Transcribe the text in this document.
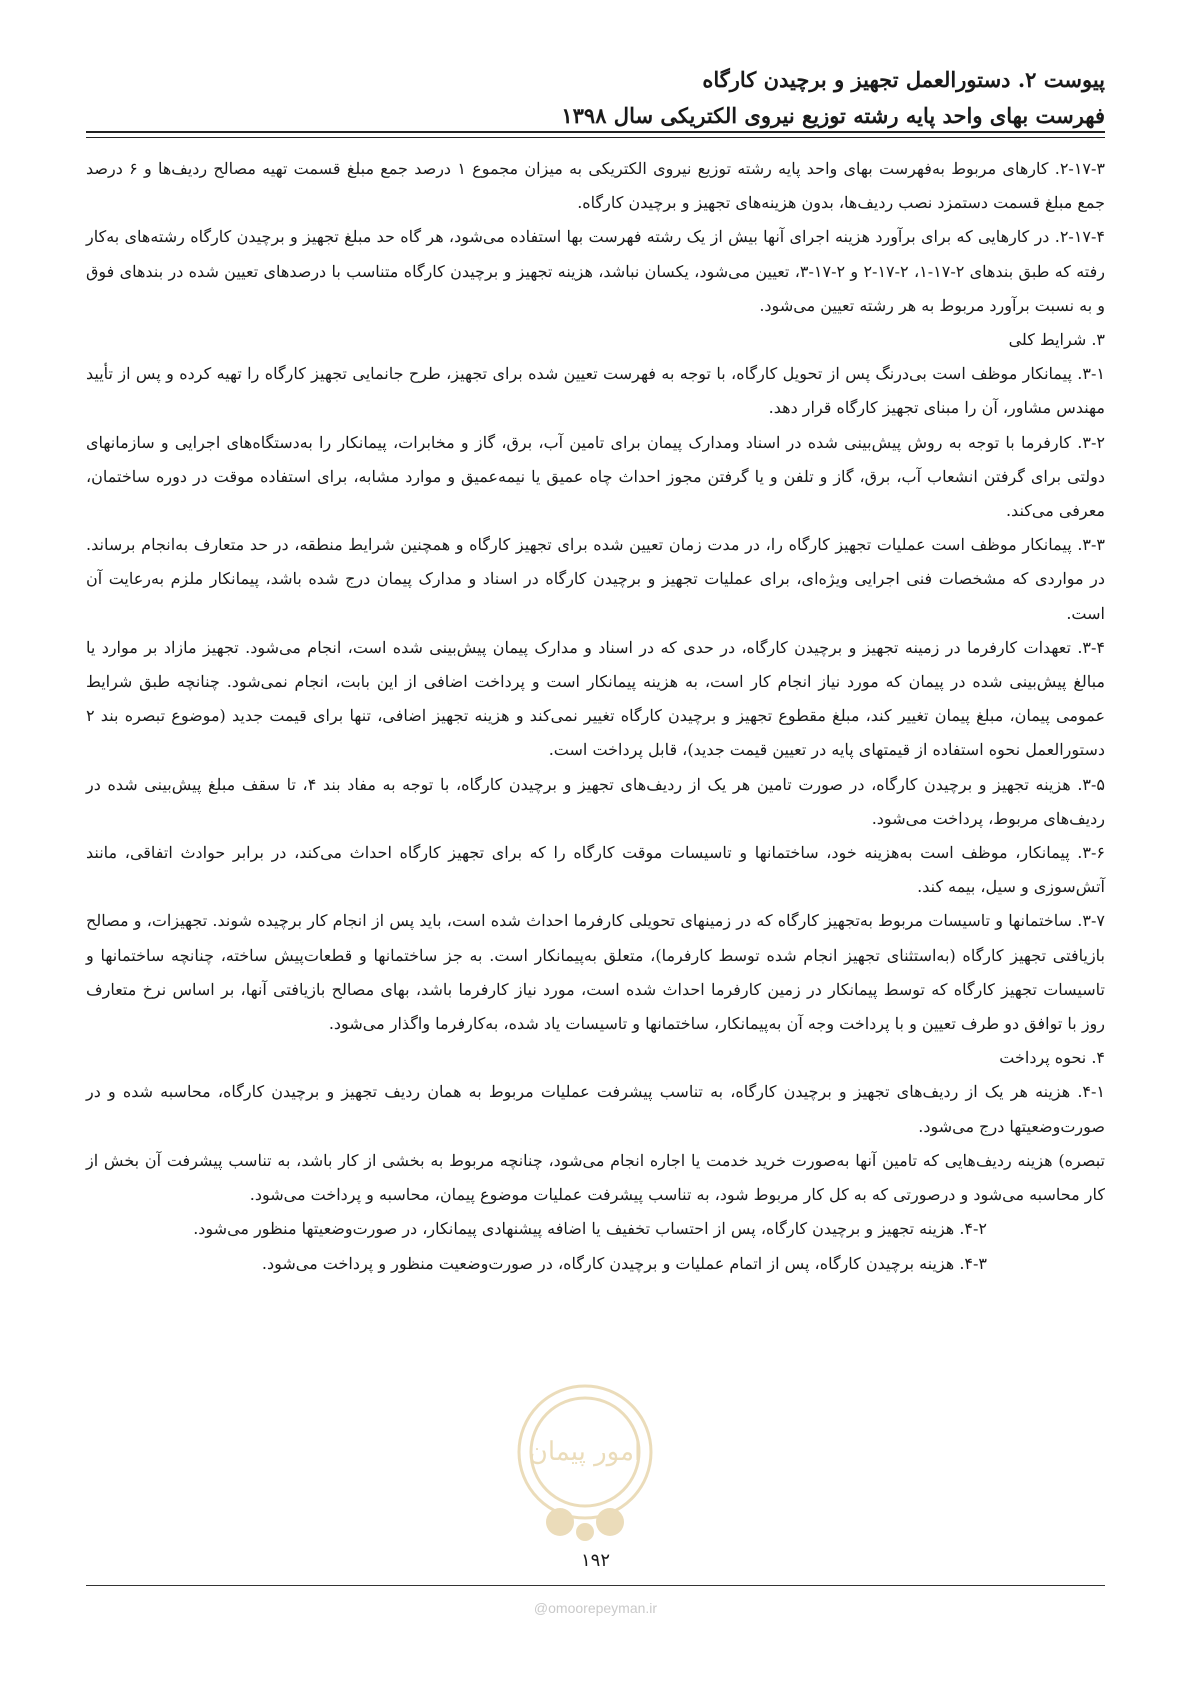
پیوست ۲. دستورالعمل تجهیز و برچیدن کارگاه
فهرست بهای واحد پایه رشته توزیع نیروی الکتریکی سال ۱۳۹۸

۲-۱۷-۳. کارهای مربوط به‌فهرست بهای واحد پایه رشته توزیع نیروی الکتریکی به میزان مجموع ۱ درصد جمع مبلغ قسمت تهیه مصالح ردیف‌ها و ۶ درصد جمع مبلغ قسمت دستمزد نصب ردیف‌ها، بدون هزینه‌های تجهیز و برچیدن کارگاه.

۲-۱۷-۴. در کارهایی که برای برآورد هزینه اجرای آنها بیش از یک رشته فهرست بها استفاده می‌شود، هر گاه حد مبلغ تجهیز و برچیدن کارگاه رشته‌های به‌کار رفته که طبق بندهای ۲-۱۷-۱، ۲-۱۷-۲ و ۲-۱۷-۳، تعیین می‌شود، یکسان نباشد، هزینه تجهیز و برچیدن کارگاه متناسب با درصدهای تعیین شده در بندهای فوق و به نسبت برآورد مربوط به هر رشته تعیین می‌شود.

۳. شرایط کلی

۳-۱. پیمانکار موظف است بی‌درنگ پس از تحویل کارگاه، با توجه به فهرست تعیین شده برای تجهیز، طرح جانمایی تجهیز کارگاه را تهیه کرده و پس از تأیید مهندس مشاور، آن را مبنای تجهیز کارگاه قرار دهد.

۳-۲. کارفرما با توجه به روش پیش‌بینی شده در اسناد ومدارک پیمان برای تامین آب، برق، گاز و مخابرات، پیمانکار را به‌دستگاه‌های اجرایی و سازمانهای دولتی برای گرفتن انشعاب آب، برق، گاز و تلفن و یا گرفتن مجوز احداث چاه عمیق یا نیمه‌عمیق و موارد مشابه، برای استفاده موقت در دوره ساختمان، معرفی می‌کند.

۳-۳. پیمانکار موظف است عملیات تجهیز کارگاه را، در مدت زمان تعیین شده برای تجهیز کارگاه و همچنین شرایط منطقه، در حد متعارف به‌انجام برساند. در مواردی که مشخصات فنی اجرایی ویژه‌ای، برای عملیات تجهیز و برچیدن کارگاه در اسناد و مدارک پیمان درج شده باشد، پیمانکار ملزم به‌رعایت آن است.

۳-۴. تعهدات کارفرما در زمینه تجهیز و برچیدن کارگاه، در حدی که در اسناد و مدارک پیمان پیش‌بینی شده است، انجام می‌شود. تجهیز مازاد بر موارد یا مبالغ پیش‌بینی شده در پیمان که مورد نیاز انجام کار است، به هزینه پیمانکار است و پرداخت اضافی از این بابت، انجام نمی‌شود. چنانچه طبق شرایط عمومی پیمان، مبلغ پیمان تغییر کند، مبلغ مقطوع تجهیز و برچیدن کارگاه تغییر نمی‌کند و هزینه تجهیز اضافی، تنها برای قیمت جدید (موضوع تبصره بند ۲ دستورالعمل نحوه استفاده از قیمتهای پایه در تعیین قیمت جدید)، قابل پرداخت است.

۳-۵. هزینه تجهیز و برچیدن کارگاه، در صورت تامین هر یک از ردیف‌های تجهیز و برچیدن کارگاه، با توجه به مفاد بند ۴، تا سقف مبلغ پیش‌بینی شده در ردیف‌های مربوط، پرداخت می‌شود.

۳-۶. پیمانکار، موظف است به‌هزینه خود، ساختمانها و تاسیسات موقت کارگاه را که برای تجهیز کارگاه احداث می‌کند، در برابر حوادث اتفاقی، مانند آتش‌سوزی و سیل، بیمه کند.

۳-۷. ساختمانها و تاسیسات مربوط به‌تجهیز کارگاه که در زمینهای تحویلی کارفرما احداث شده است، باید پس از انجام کار برچیده شوند. تجهیزات، و مصالح بازیافتی تجهیز کارگاه (به‌استثنای تجهیز انجام شده توسط کارفرما)، متعلق به‌پیمانکار است. به جز ساختمانها و قطعات‌پیش ساخته، چنانچه ساختمانها و تاسیسات تجهیز کارگاه که توسط پیمانکار در زمین کارفرما احداث شده است، مورد نیاز کارفرما باشد، بهای مصالح بازیافتی آنها، بر اساس نرخ متعارف روز با توافق دو طرف تعیین و با پرداخت وجه آن به‌پیمانکار، ساختمانها و تاسیسات یاد شده، به‌کارفرما واگذار می‌شود.

۴. نحوه پرداخت

۴-۱. هزینه هر یک از ردیف‌های تجهیز و برچیدن کارگاه، به تناسب پیشرفت عملیات مربوط به همان ردیف تجهیز و برچیدن کارگاه، محاسبه شده و در صورت‌وضعیتها درج می‌شود.

تبصره) هزینه ردیف‌هایی که تامین آنها به‌صورت خرید خدمت یا اجاره انجام می‌شود، چنانچه مربوط به بخشی از کار باشد، به تناسب پیشرفت آن بخش از کار محاسبه می‌شود و درصورتی که به کل کار مربوط شود، به تناسب پیشرفت عملیات موضوع پیمان، محاسبه و پرداخت می‌شود.

۴-۲. هزینه تجهیز و برچیدن کارگاه، پس از احتساب تخفیف یا اضافه پیشنهادی پیمانکار، در صورت‌وضعیتها منظور می‌شود.

۴-۳. هزینه برچیدن کارگاه، پس از اتمام عملیات و برچیدن کارگاه، در صورت‌وضعیت منظور و پرداخت می‌شود.

امور پیمان
۱۹۲
@omoorepeyman.ir
